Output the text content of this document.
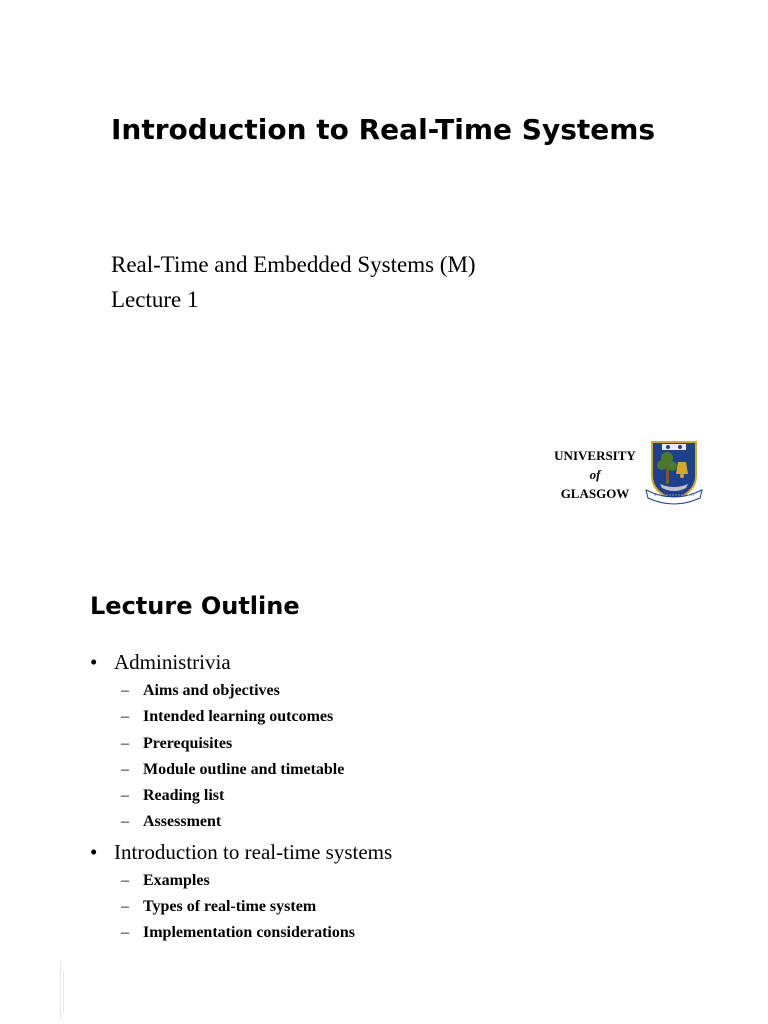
Introduction to Real-Time Systems
Real-Time and Embedded Systems (M)
Lecture 1
UNIVERSITY
of
GLASGOW
Lecture Outline
• Administrivia
– Aims and objectives
– Intended learning outcomes
– Prerequisites
– Module outline and timetable
– Reading list
– Assessment
• Introduction to real-time systems
– Examples
– Types of real-time system
– Implementation considerations
